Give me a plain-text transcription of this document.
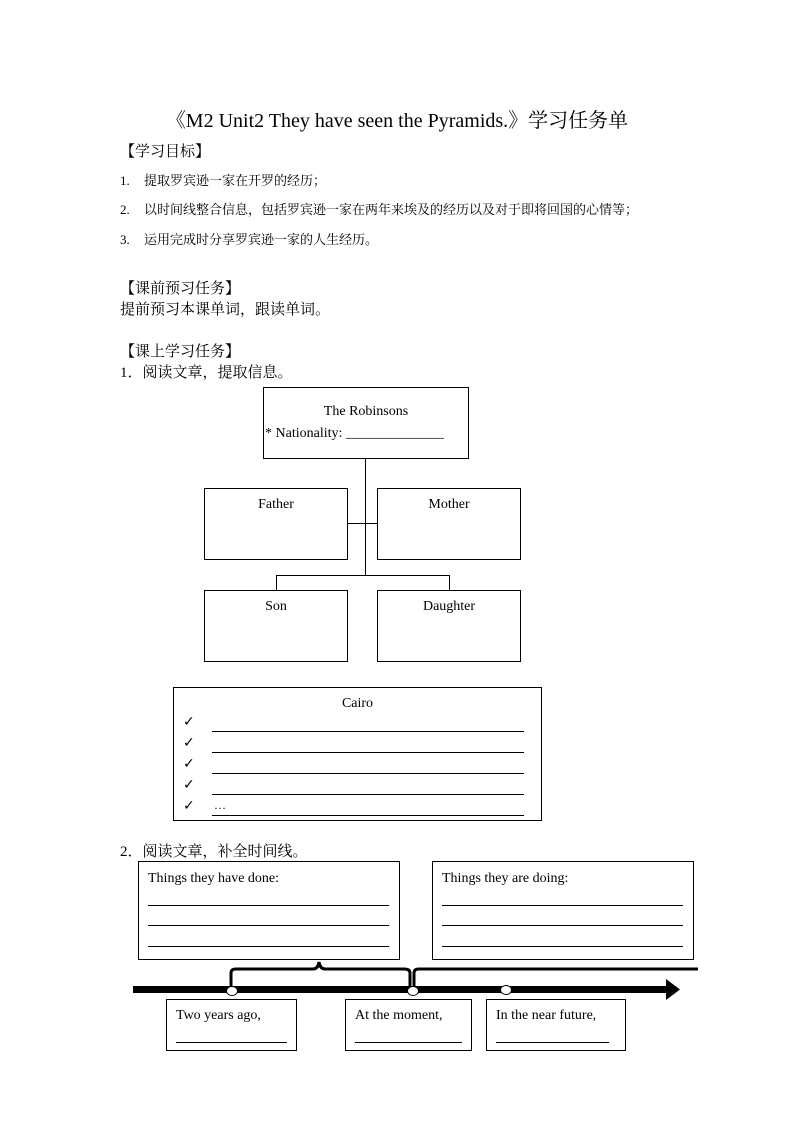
《M2 Unit2 They have seen the Pyramids.》学习任务单
【学习目标】
1. 提取罗宾逊一家在开罗的经历；
2. 以时间线整合信息，包括罗宾逊一家在两年来埃及的经历以及对于即将回国的心情等；
3. 运用完成时分享罗宾逊一家的人生经历。
【课前预习任务】
提前预习本课单词，跟读单词。
【课上学习任务】
1．阅读文章，提取信息。
The Robinsons
* Nationality: ______________
Father	Mother
Son	Daughter
Cairo
✓
✓
✓
✓
✓ …
2．阅读文章，补全时间线。
Things they have done:	Things they are doing:
Two years ago,	At the moment,	In the near future,
